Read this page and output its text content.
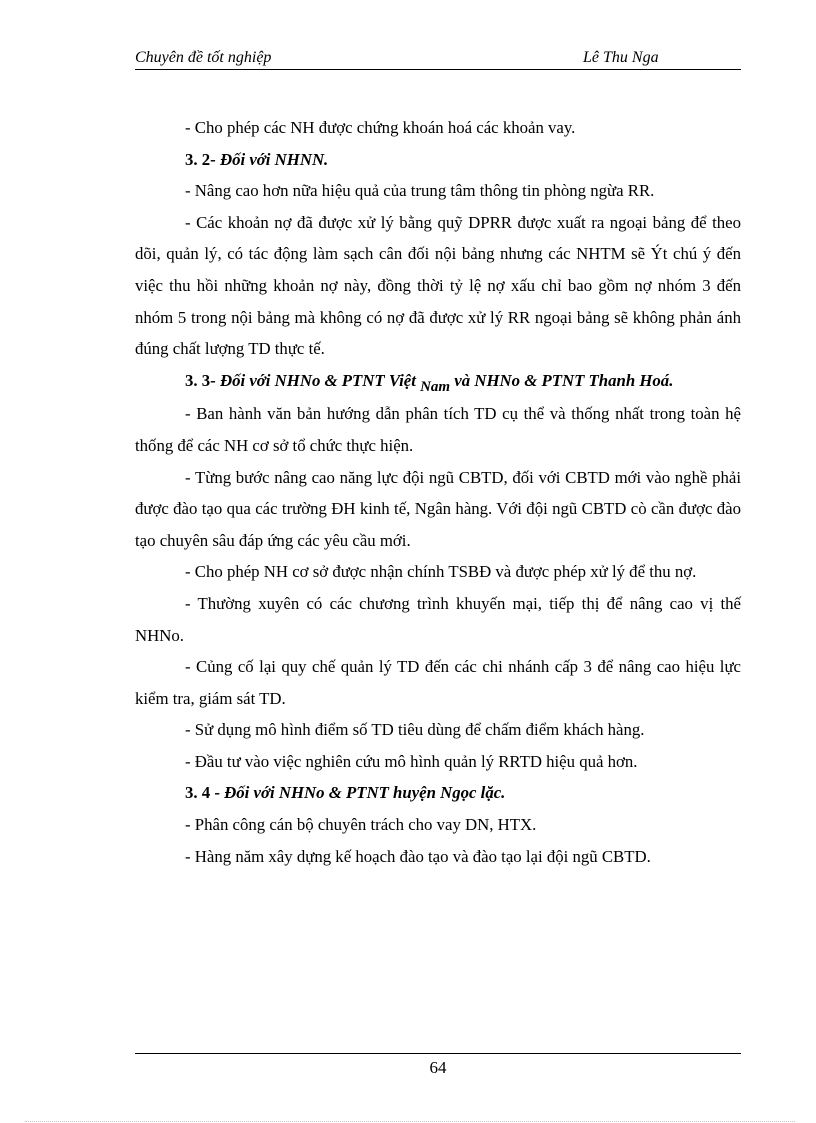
Chuyên đề tốt nghiệp	Lê Thu Nga

- Cho phép các NH được chứng khoán hoá các khoản vay.

3. 2- Đối với NHNN.

- Nâng cao hơn nữa hiệu quả của trung tâm thông tin phòng ngừa RR.

- Các khoản nợ đã được xử lý bằng quỹ DPRR được xuất ra ngoại bảng để theo dõi, quản lý, có tác động làm sạch cân đối nội bảng nhưng các NHTM sẽ Ýt chú ý đến việc thu hồi những khoản nợ này, đồng thời tỷ lệ nợ xấu chỉ bao gồm nợ nhóm 3 đến nhóm 5 trong nội bảng mà không có nợ đã được xử lý RR ngoại bảng sẽ không phản ánh đúng chất lượng TD thực tế.

3. 3- Đối với NHNo & PTNT Việt Nam và NHNo & PTNT Thanh Hoá.

- Ban hành văn bản hướng dẫn phân tích TD cụ thể và thống nhất trong toàn hệ thống để các NH cơ sở tổ chức thực hiện.

- Từng bước nâng cao năng lực đội ngũ CBTD, đối với CBTD mới vào nghề phải được đào tạo qua các trường ĐH kinh tế, Ngân hàng. Với đội ngũ CBTD cò cần được đào tạo chuyên sâu đáp ứng các yêu cầu mới.

- Cho phép NH cơ sở được nhận chính TSBĐ và được phép xử lý để thu nợ.

- Thường xuyên có các chương trình khuyến mại, tiếp thị để nâng cao vị thế NHNo.

- Củng cố lại quy chế quản lý TD đến các chi nhánh cấp 3 để nâng cao hiệu lực kiểm tra, giám sát TD.

- Sử dụng mô hình điểm số TD tiêu dùng để chấm điểm khách hàng.

- Đầu tư vào việc nghiên cứu mô hình quản lý RRTD hiệu quả hơn.

3. 4 - Đối với NHNo & PTNT huyện Ngọc lặc.

- Phân công cán bộ chuyên trách cho vay DN, HTX.

- Hàng năm xây dựng kế hoạch đào tạo và đào tạo lại đội ngũ CBTD.

64
